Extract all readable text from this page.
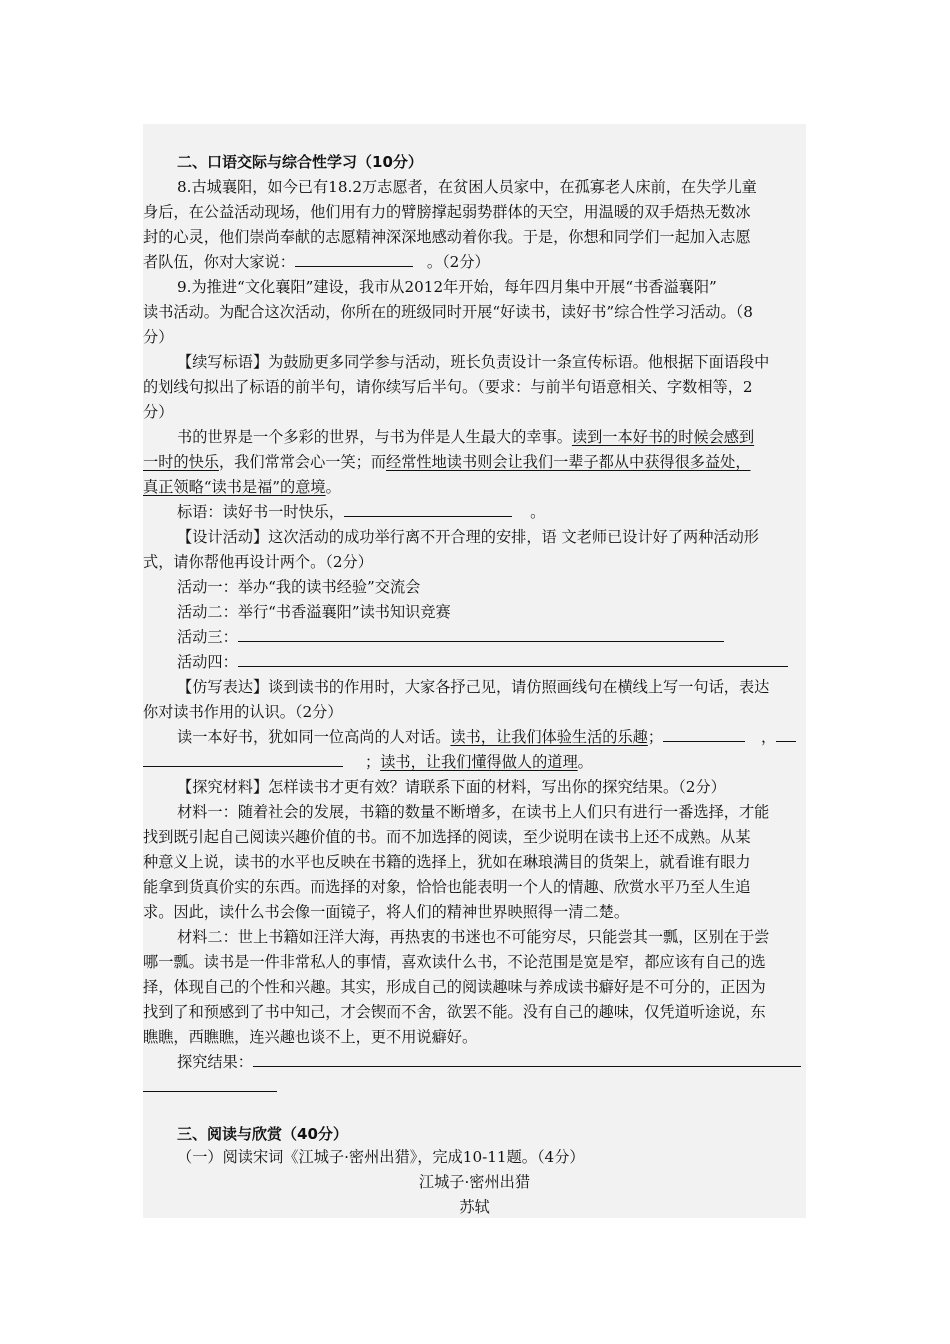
二、口语交际与综合性学习（10分）
8.古城襄阳，如今已有18.2万志愿者，在贫困人员家中，在孤寡老人床前，在失学儿童
身后，在公益活动现场，他们用有力的臂膀撑起弱势群体的天空，用温暖的双手焐热无数冰
封的心灵，他们崇尚奉献的志愿精神深深地感动着你我。于是，你想和同学们一起加入志愿
者队伍，你对大家说：	。（2分）
9.为推进“文化襄阳”建设，我市从2012年开始，每年四月集中开展“书香溢襄阳”
读书活动。为配合这次活动，你所在的班级同时开展“好读书，读好书”综合性学习活动。（8
分）
【续写标语】为鼓励更多同学参与活动，班长负责设计一条宣传标语。他根据下面语段中
的划线句拟出了标语的前半句，请你续写后半句。（要求：与前半句语意相关、字数相等，2
分）
书的世界是一个多彩的世界，与书为伴是人生最大的幸事。读到一本好书的时候会感到
一时的快乐，我们常常会心一笑；而经常性地读书则会让我们一辈子都从中获得很多益处，
真正领略“读书是福”的意境。
标语：读好书一时快乐，	。
【设计活动】这次活动的成功举行离不开合理的安排，语 文老师已设计好了两种活动形
式，请你帮他再设计两个。（2分）
活动一：举办“我的读书经验”交流会
活动二：举行“书香溢襄阳”读书知识竞赛
活动三：
活动四：
【仿写表达】谈到读书的作用时，大家各抒己见，请仿照画线句在横线上写一句话，表达
你对读书作用的认识。（2分）
读一本好书，犹如同一位高尚的人对话。读书，让我们体验生活的乐趣；	，
；读书，让我们懂得做人的道理。
【探究材料】怎样读书才更有效？请联系下面的材料，写出你的探究结果。（2分）
材料一：随着社会的发展，书籍的数量不断增多，在读书上人们只有进行一番选择，才能
找到既引起自己阅读兴趣价值的书。而不加选择的阅读，至少说明在读书上还不成熟。从某
种意义上说，读书的水平也反映在书籍的选择上，犹如在琳琅满目的货架上，就看谁有眼力
能拿到货真价实的东西。而选择的对象，恰恰也能表明一个人的情趣、欣赏水平乃至人生追
求。因此，读什么书会像一面镜子，将人们的精神世界映照得一清二楚。
材料二：世上书籍如汪洋大海，再热衷的书迷也不可能穷尽，只能尝其一瓢，区别在于尝
哪一瓢。读书是一件非常私人的事情，喜欢读什么书，不论范围是宽是窄，都应该有自己的选
择，体现自己的个性和兴趣。其实，形成自己的阅读趣味与养成读书癖好是不可分的，正因为
找到了和预感到了书中知己，才会锲而不舍，欲罢不能。没有自己的趣味，仅凭道听途说，东
瞧瞧，西瞧瞧，连兴趣也谈不上，更不用说癖好。
探究结果：
三、阅读与欣赏（40分）
（一）阅读宋词《江城子·密州出猎》，完成10-11题。（4分）
江城子·密州出猎
苏轼
